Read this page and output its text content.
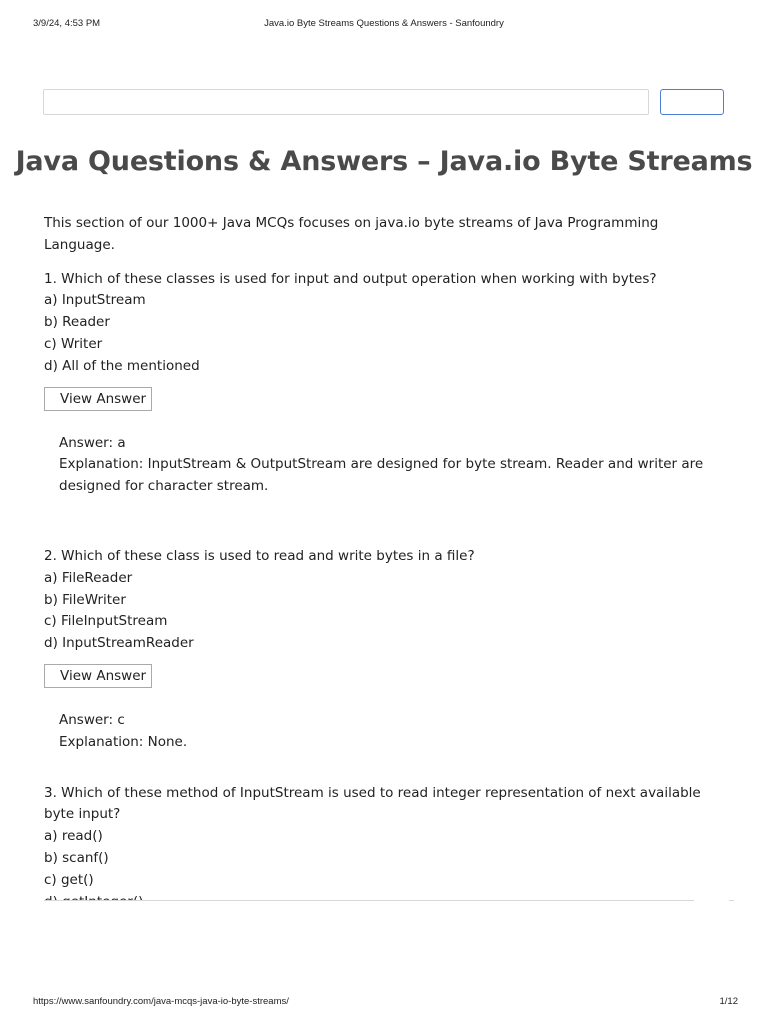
3/9/24, 4:53 PM	Java.io Byte Streams Questions & Answers - Sanfoundry
Java Questions & Answers – Java.io Byte Streams

This section of our 1000+ Java MCQs focuses on java.io byte streams of Java Programming Language.

1. Which of these classes is used for input and output operation when working with bytes?

a) InputStream

b) Reader

c) Writer

d) All of the mentioned

View Answer

Answer: a

Explanation: InputStream & OutputStream are designed for byte stream. Reader and writer are designed for character stream.

2. Which of these class is used to read and write bytes in a file?

a) FileReader

b) FileWriter

c) FileInputStream

d) InputStreamReader

View Answer

Answer: c

Explanation: None.

3. Which of these method of InputStream is used to read integer representation of next available byte input?

a) read()

b) scanf()

c) get()

https://www.sanfoundry.com/java-mcqs-java-io-byte-streams/	1/12
